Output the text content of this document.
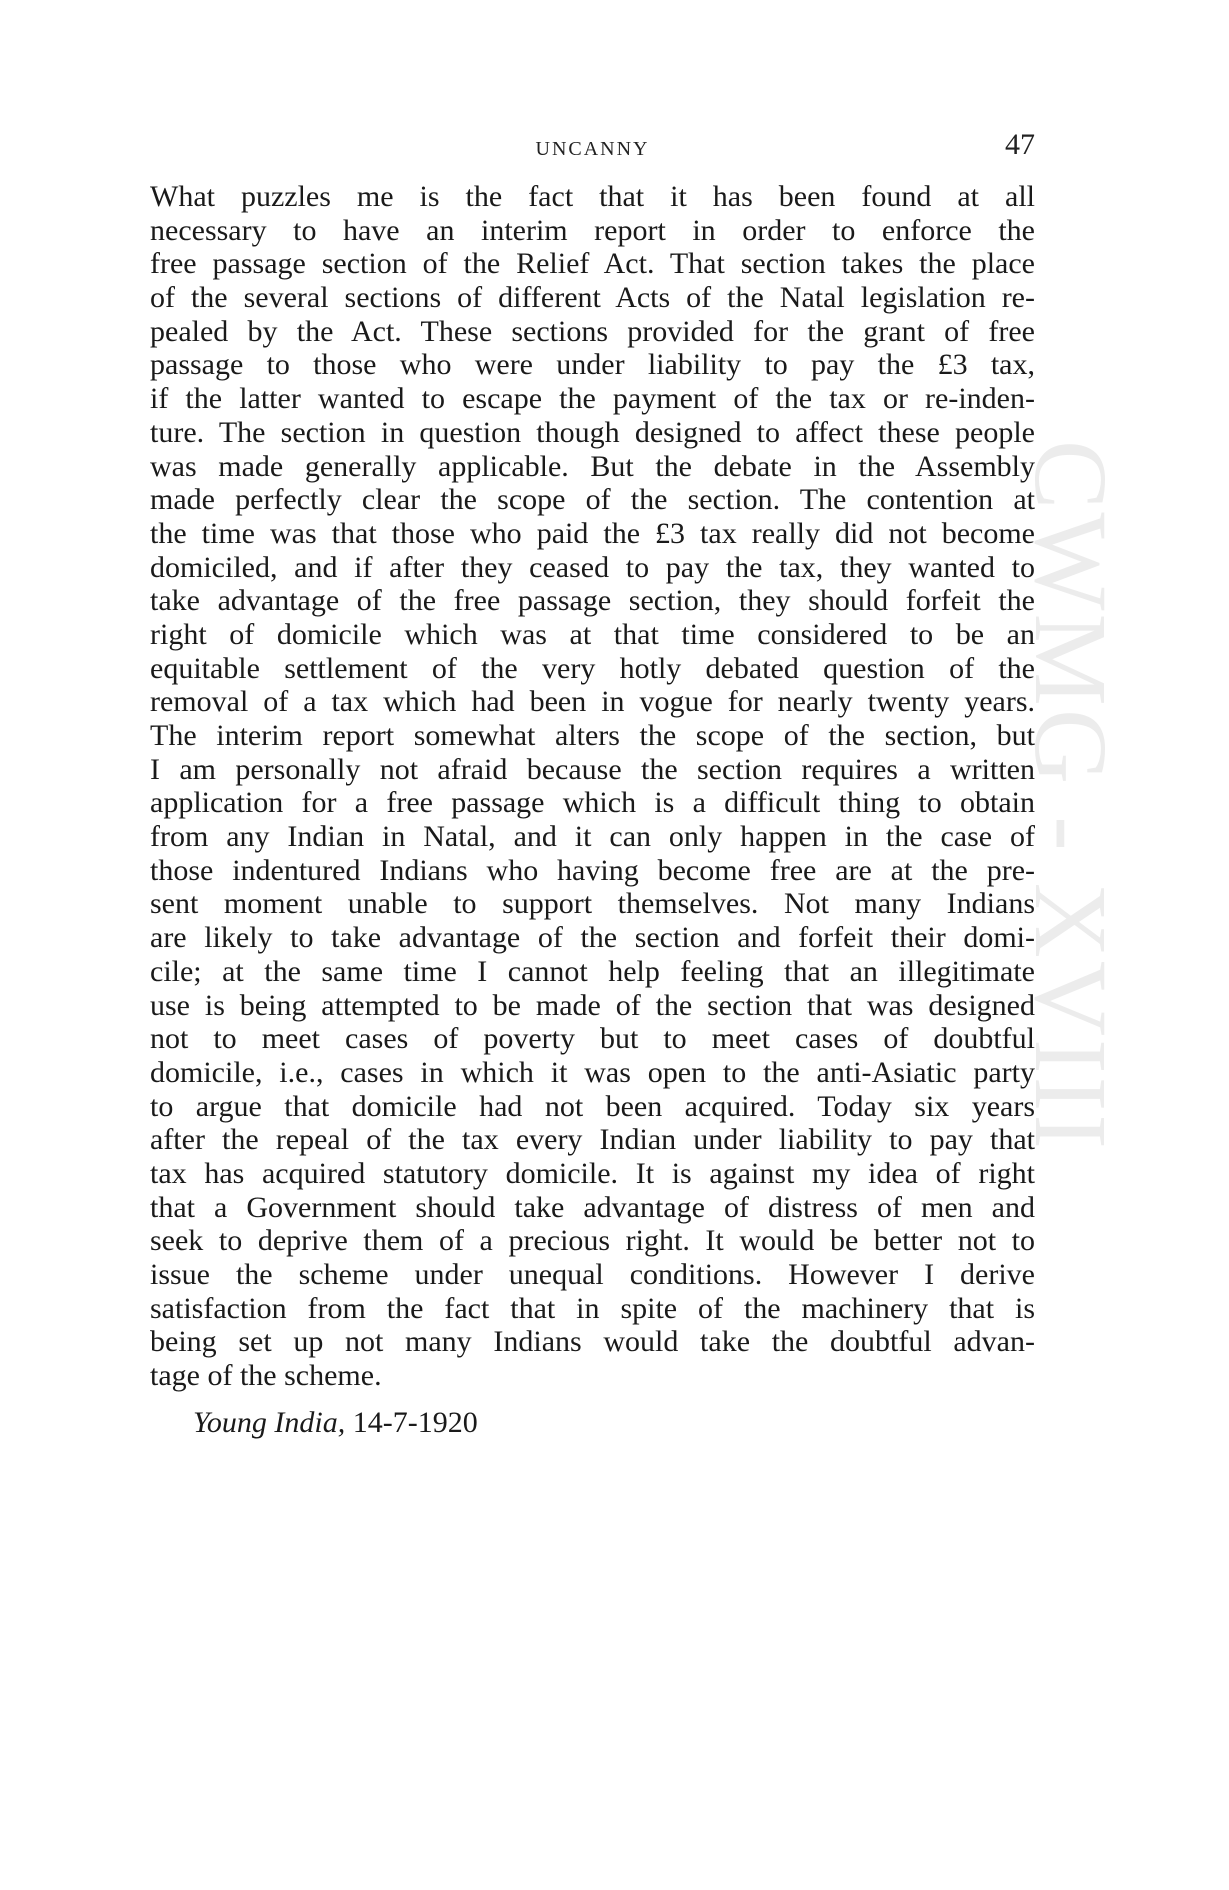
UNCANNY	47
What puzzles me is the fact that it has been found at all
necessary to have an interim report in order to enforce the
free passage section of the Relief Act. That section takes the place
of the several sections of different Acts of the Natal legislation re-
pealed by the Act. These sections provided for the grant of free
passage to those who were under liability to pay the £3 tax,
if the latter wanted to escape the payment of the tax or re-inden-
ture. The section in question though designed to affect these people
was made generally applicable. But the debate in the Assembly
made perfectly clear the scope of the section. The contention at
the time was that those who paid the £3 tax really did not become
domiciled, and if after they ceased to pay the tax, they wanted to
take advantage of the free passage section, they should forfeit the
right of domicile which was at that time considered to be an
equitable settlement of the very hotly debated question of the
removal of a tax which had been in vogue for nearly twenty years.
The interim report somewhat alters the scope of the section, but
I am personally not afraid because the section requires a written
application for a free passage which is a difficult thing to obtain
from any Indian in Natal, and it can only happen in the case of
those indentured Indians who having become free are at the pre-
sent moment unable to support themselves. Not many Indians
are likely to take advantage of the section and forfeit their domi-
cile; at the same time I cannot help feeling that an illegitimate
use is being attempted to be made of the section that was designed
not to meet cases of poverty but to meet cases of doubtful
domicile, i.e., cases in which it was open to the anti-Asiatic party
to argue that domicile had not been acquired. Today six years
after the repeal of the tax every Indian under liability to pay that
tax has acquired statutory domicile. It is against my idea of right
that a Government should take advantage of distress of men and
seek to deprive them of a precious right. It would be better not to
issue the scheme under unequal conditions. However I derive
satisfaction from the fact that in spite of the machinery that is
being set up not many Indians would take the doubtful advan-
tage of the scheme.
Young India, 14-7-1920
CWMG - XVIII
